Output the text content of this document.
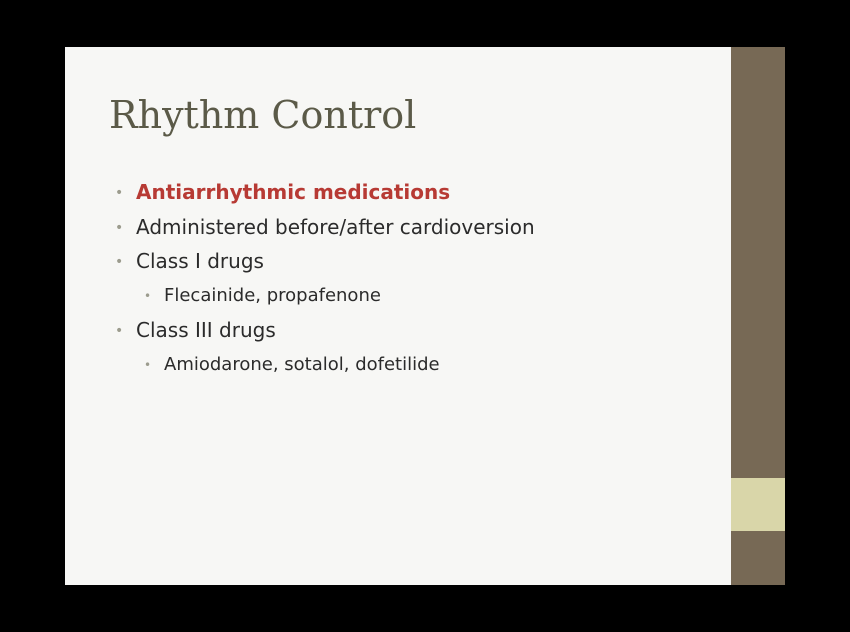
Rhythm Control
• Antiarrhythmic medications
• Administered before/after cardioversion
• Class I drugs
• Flecainide, propafenone
• Class III drugs
• Amiodarone, sotalol, dofetilide
